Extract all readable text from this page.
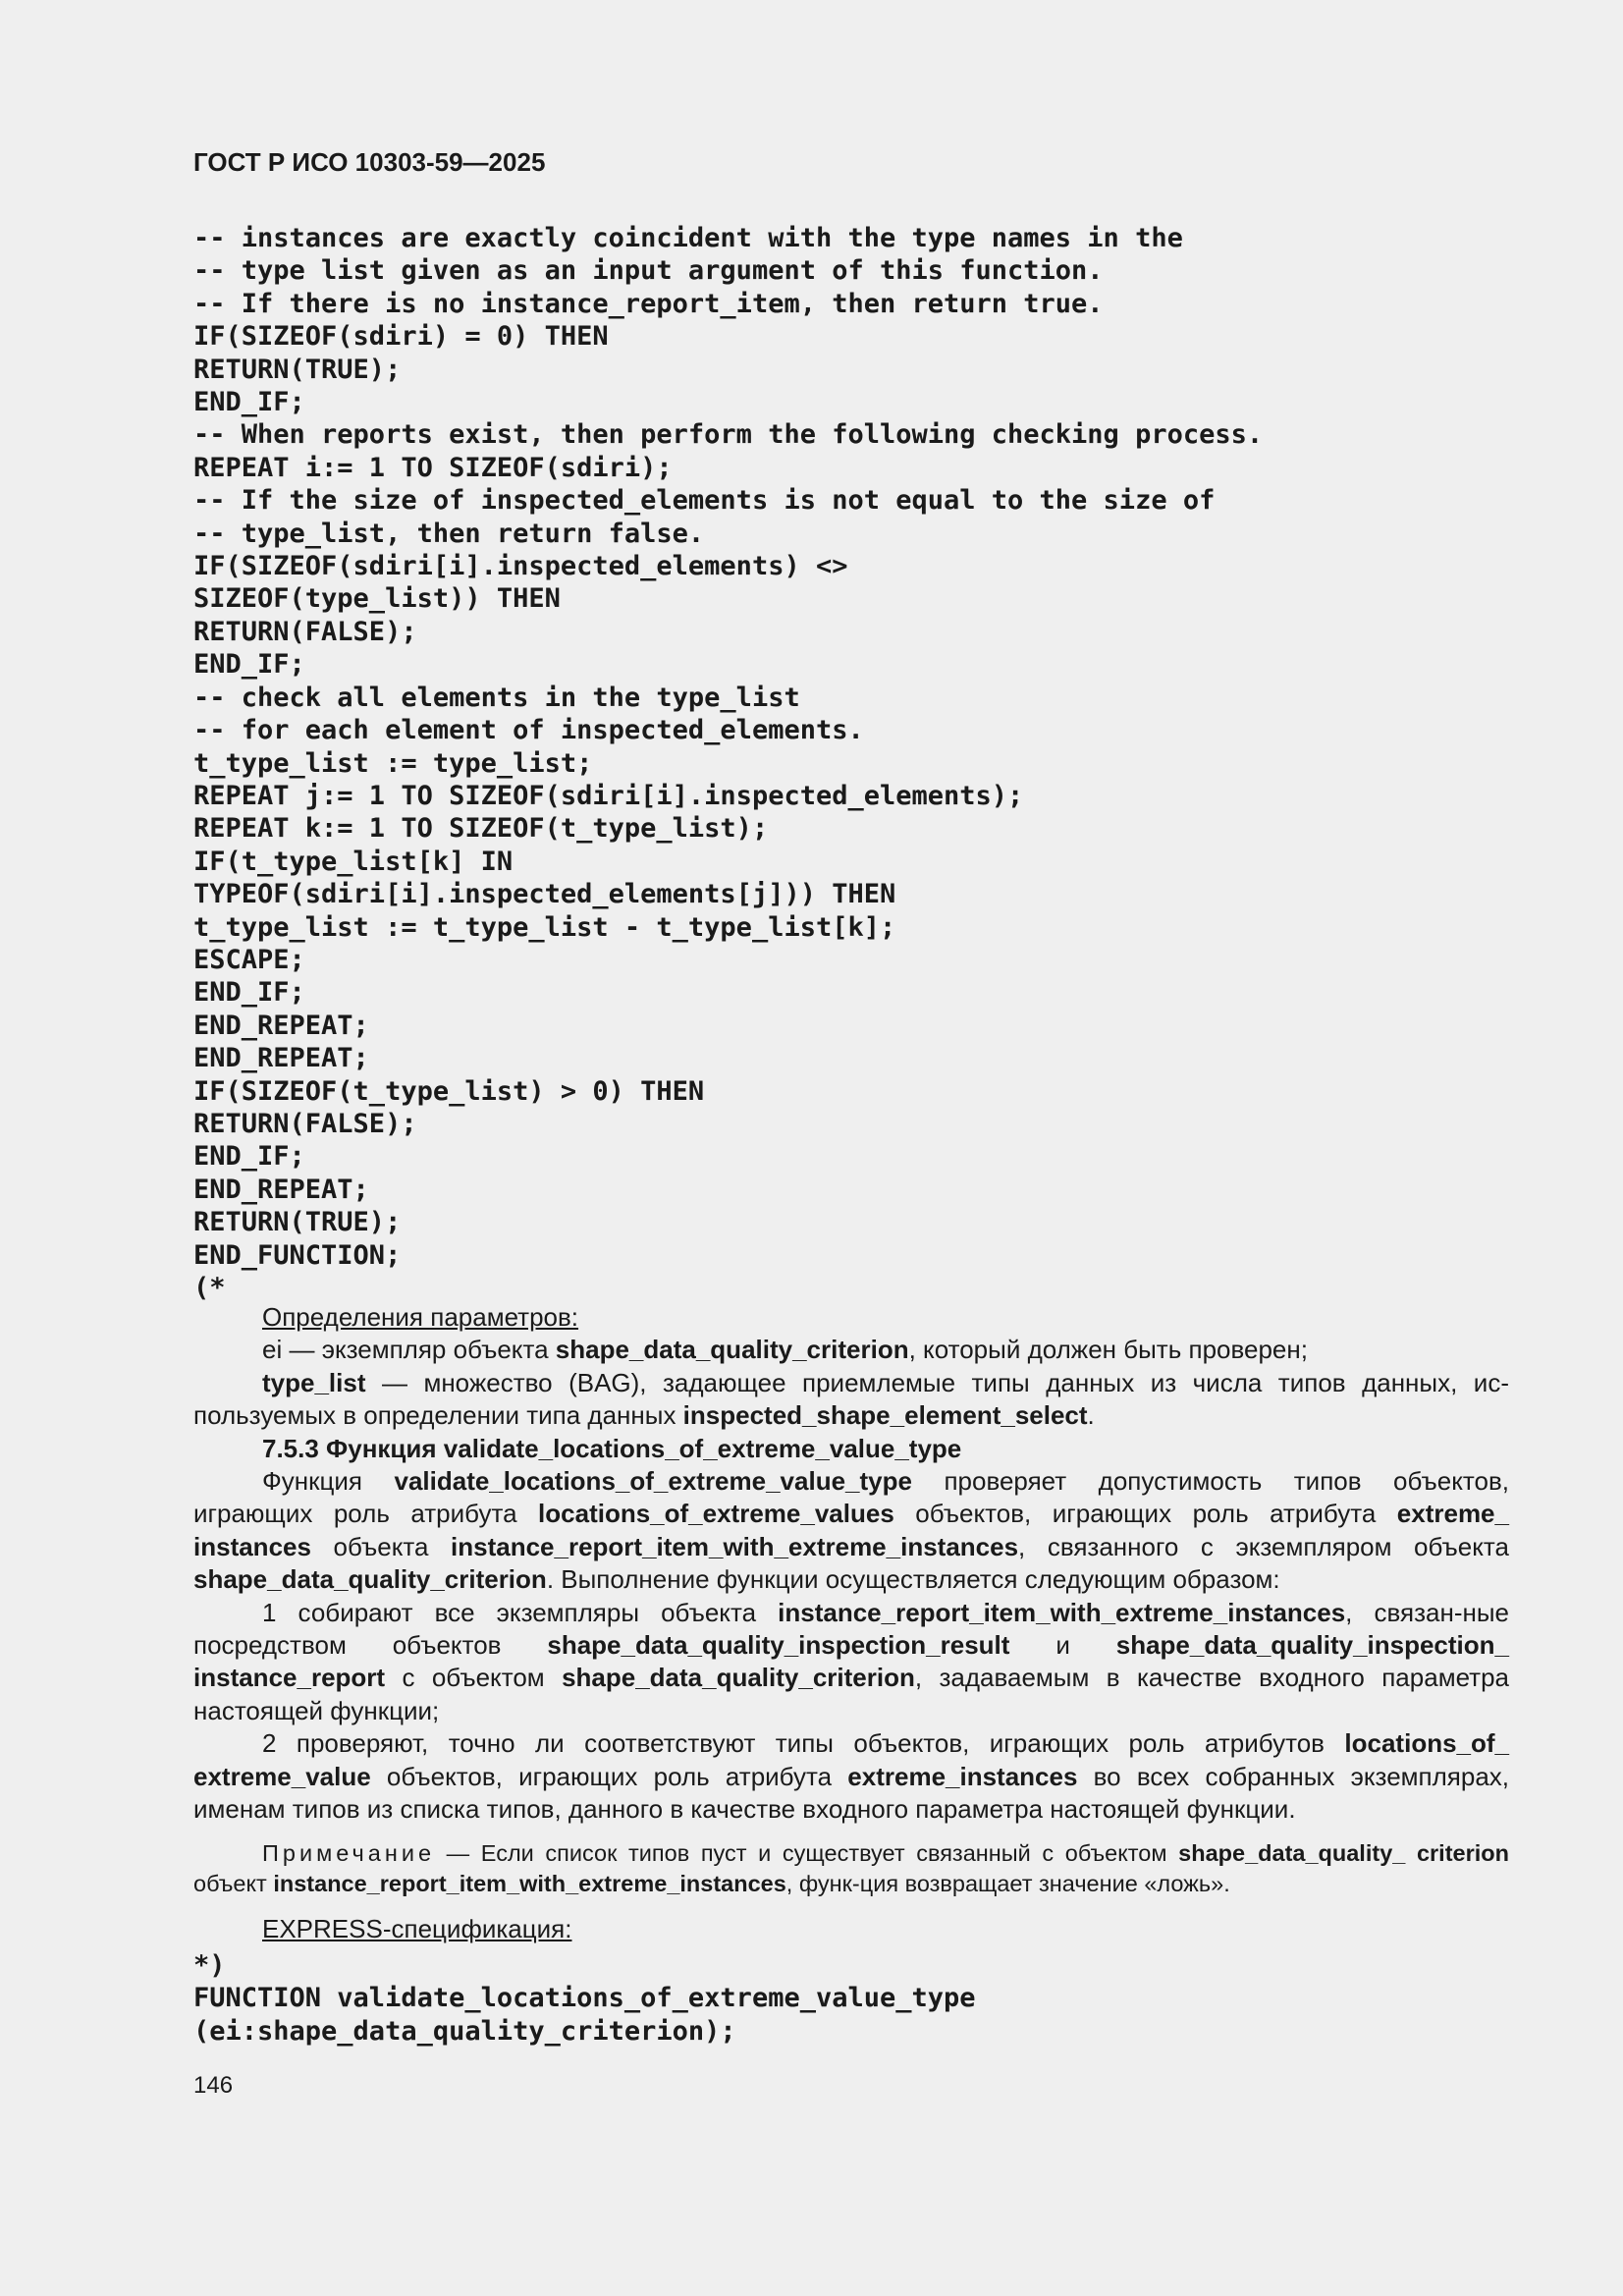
ГОСТ Р ИСО 10303-59—2025
-- instances are exactly coincident with the type names in the
-- type list given as an input argument of this function.
-- If there is no instance_report_item, then return true.
IF(SIZEOF(sdiri) = 0) THEN
RETURN(TRUE);
END_IF;
-- When reports exist, then perform the following checking process.
REPEAT i:= 1 TO SIZEOF(sdiri);
-- If the size of inspected_elements is not equal to the size of
-- type_list, then return false.
IF(SIZEOF(sdiri[i].inspected_elements) <>
SIZEOF(type_list)) THEN
RETURN(FALSE);
END_IF;
-- check all elements in the type_list
-- for each element of inspected_elements.
t_type_list := type_list;
REPEAT j:= 1 TO SIZEOF(sdiri[i].inspected_elements);
REPEAT k:= 1 TO SIZEOF(t_type_list);
IF(t_type_list[k] IN
TYPEOF(sdiri[i].inspected_elements[j])) THEN
t_type_list := t_type_list - t_type_list[k];
ESCAPE;
END_IF;
END_REPEAT;
END_REPEAT;
IF(SIZEOF(t_type_list) > 0) THEN
RETURN(FALSE);
END_IF;
END_REPEAT;
RETURN(TRUE);
END_FUNCTION;
(*

Определения параметров:

ei — экземпляр объекта shape_data_quality_criterion, который должен быть проверен;

type_list — множество (BAG), задающее приемлемые типы данных из числа типов данных, ис-пользуемых в определении типа данных inspected_shape_element_select.

7.5.3 Функция validate_locations_of_extreme_value_type

Функция validate_locations_of_extreme_value_type проверяет допустимость типов объектов, играющих роль атрибута locations_of_extreme_values объектов, играющих роль атрибута extreme_ instances объекта instance_report_item_with_extreme_instances, связанного с экземпляром объекта shape_data_quality_criterion. Выполнение функции осуществляется следующим образом:

1 собирают все экземпляры объекта instance_report_item_with_extreme_instances, связан-ные посредством объектов shape_data_quality_inspection_result и shape_data_quality_inspection_ instance_report с объектом shape_data_quality_criterion, задаваемым в качестве входного параметра настоящей функции;

2 проверяют, точно ли соответствуют типы объектов, играющих роль атрибутов locations_of_ extreme_value объектов, играющих роль атрибута extreme_instances во всех собранных экземплярах, именам типов из списка типов, данного в качестве входного параметра настоящей функции.

Примечание — Если список типов пуст и существует связанный с объектом shape_data_quality_ criterion объект instance_report_item_with_extreme_instances, функ-ция возвращает значение «ложь».

EXPRESS-спецификация:

*)
FUNCTION validate_locations_of_extreme_value_type
(ei:shape_data_quality_criterion);
146
